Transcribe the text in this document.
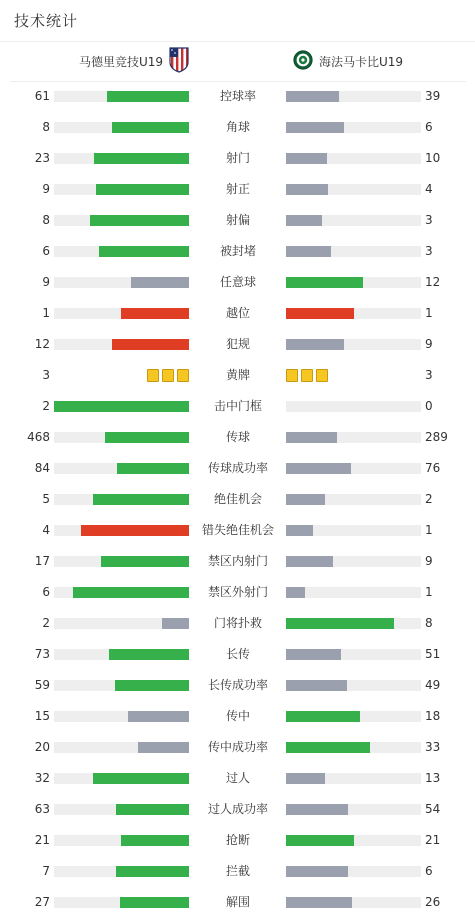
技术统计
马德里竞技U19	海法马卡比U19
61	控球率	39
8	角球	6
23	射门	10
9	射正	4
8	射偏	3
6	被封堵	3
9	任意球	12
1	越位	1
12	犯规	9
3	黄牌	3
2	击中门框	0
468	传球	289
84	传球成功率	76
5	绝佳机会	2
4	错失绝佳机会	1
17	禁区内射门	9
6	禁区外射门	1
2	门将扑救	8
73	长传	51
59	长传成功率	49
15	传中	18
20	传中成功率	33
32	过人	13
63	过人成功率	54
21	抢断	21
7	拦截	6
27	解围	26
